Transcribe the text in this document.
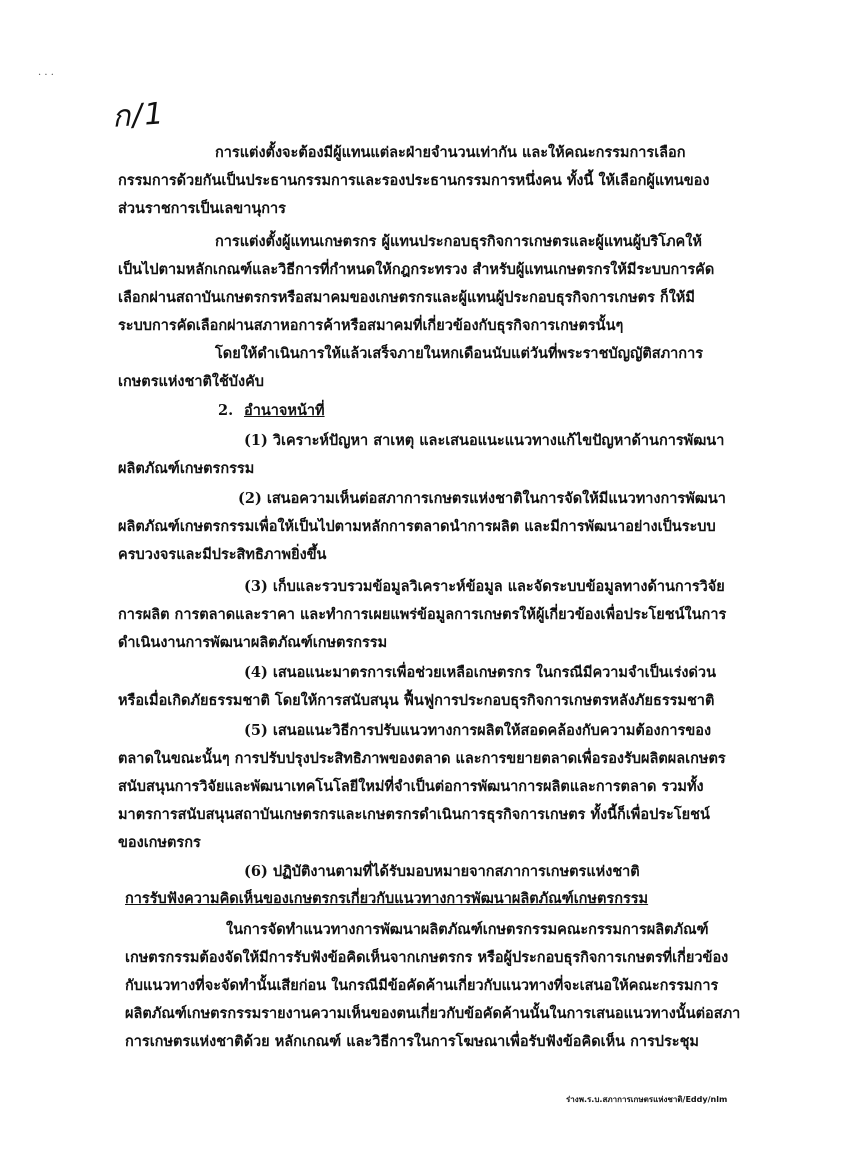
· · ·
ก/1
การแต่งตั้งจะต้องมีผู้แทนแต่ละฝ่ายจำนวนเท่ากัน และให้คณะกรรมการเลือก
กรรมการด้วยกันเป็นประธานกรรมการและรองประธานกรรมการหนึ่งคน ทั้งนี้ ให้เลือกผู้แทนของ
ส่วนราชการเป็นเลขานุการ
การแต่งตั้งผู้แทนเกษตรกร ผู้แทนประกอบธุรกิจการเกษตรและผู้แทนผู้บริโภคให้
เป็นไปตามหลักเกณฑ์และวิธีการที่กำหนดให้กฎกระทรวง สำหรับผู้แทนเกษตรกรให้มีระบบการคัด
เลือกผ่านสถาบันเกษตรกรหรือสมาคมของเกษตรกรและผู้แทนผู้ประกอบธุรกิจการเกษตร ก็ให้มี
ระบบการคัดเลือกผ่านสภาหอการค้าหรือสมาคมที่เกี่ยวข้องกับธุรกิจการเกษตรนั้นๆ
โดยให้ดำเนินการให้แล้วเสร็จภายในหกเดือนนับแต่วันที่พระราชบัญญัติสภาการ
เกษตรแห่งชาติใช้บังคับ
2. อำนาจหน้าที่
(1) วิเคราะห์ปัญหา สาเหตุ และเสนอแนะแนวทางแก้ไขปัญหาด้านการพัฒนา
ผลิตภัณฑ์เกษตรกรรม
(2) เสนอความเห็นต่อสภาการเกษตรแห่งชาติในการจัดให้มีแนวทางการพัฒนา
ผลิตภัณฑ์เกษตรกรรมเพื่อให้เป็นไปตามหลักการตลาดนำการผลิต และมีการพัฒนาอย่างเป็นระบบ
ครบวงจรและมีประสิทธิภาพยิ่งขึ้น
(3) เก็บและรวบรวมข้อมูลวิเคราะห์ข้อมูล และจัดระบบข้อมูลทางด้านการวิจัย
การผลิต การตลาดและราคา และทำการเผยแพร่ข้อมูลการเกษตรให้ผู้เกี่ยวข้องเพื่อประโยชน์ในการ
ดำเนินงานการพัฒนาผลิตภัณฑ์เกษตรกรรม
(4) เสนอแนะมาตรการเพื่อช่วยเหลือเกษตรกร ในกรณีมีความจำเป็นเร่งด่วน
หรือเมื่อเกิดภัยธรรมชาติ โดยให้การสนับสนุน ฟื้นฟูการประกอบธุรกิจการเกษตรหลังภัยธรรมชาติ
(5) เสนอแนะวิธีการปรับแนวทางการผลิตให้สอดคล้องกับความต้องการของ
ตลาดในขณะนั้นๆ การปรับปรุงประสิทธิภาพของตลาด และการขยายตลาดเพื่อรองรับผลิตผลเกษตร
สนับสนุนการวิจัยและพัฒนาเทคโนโลยีใหม่ที่จำเป็นต่อการพัฒนาการผลิตและการตลาด รวมทั้ง
มาตรการสนับสนุนสถาบันเกษตรกรและเกษตรกรดำเนินการธุรกิจการเกษตร ทั้งนี้ก็เพื่อประโยชน์
ของเกษตรกร
(6) ปฏิบัติงานตามที่ได้รับมอบหมายจากสภาการเกษตรแห่งชาติ
การรับฟังความคิดเห็นของเกษตรกรเกี่ยวกับแนวทางการพัฒนาผลิตภัณฑ์เกษตรกรรม
ในการจัดทำแนวทางการพัฒนาผลิตภัณฑ์เกษตรกรรมคณะกรรมการผลิตภัณฑ์
เกษตรกรรมต้องจัดให้มีการรับฟังข้อคิดเห็นจากเกษตรกร หรือผู้ประกอบธุรกิจการเกษตรที่เกี่ยวข้อง
กับแนวทางที่จะจัดทำนั้นเสียก่อน ในกรณีมีข้อคัดค้านเกี่ยวกับแนวทางที่จะเสนอให้คณะกรรมการ
ผลิตภัณฑ์เกษตรกรรมรายงานความเห็นของตนเกี่ยวกับข้อคัดค้านนั้นในการเสนอแนวทางนั้นต่อสภา
การเกษตรแห่งชาติด้วย หลักเกณฑ์ และวิธีการในการโฆษณาเพื่อรับฟังข้อคิดเห็น การประชุม
ร่างพ.ร.บ.สภาการเกษตรแห่งชาติ/Eddy/nlm
